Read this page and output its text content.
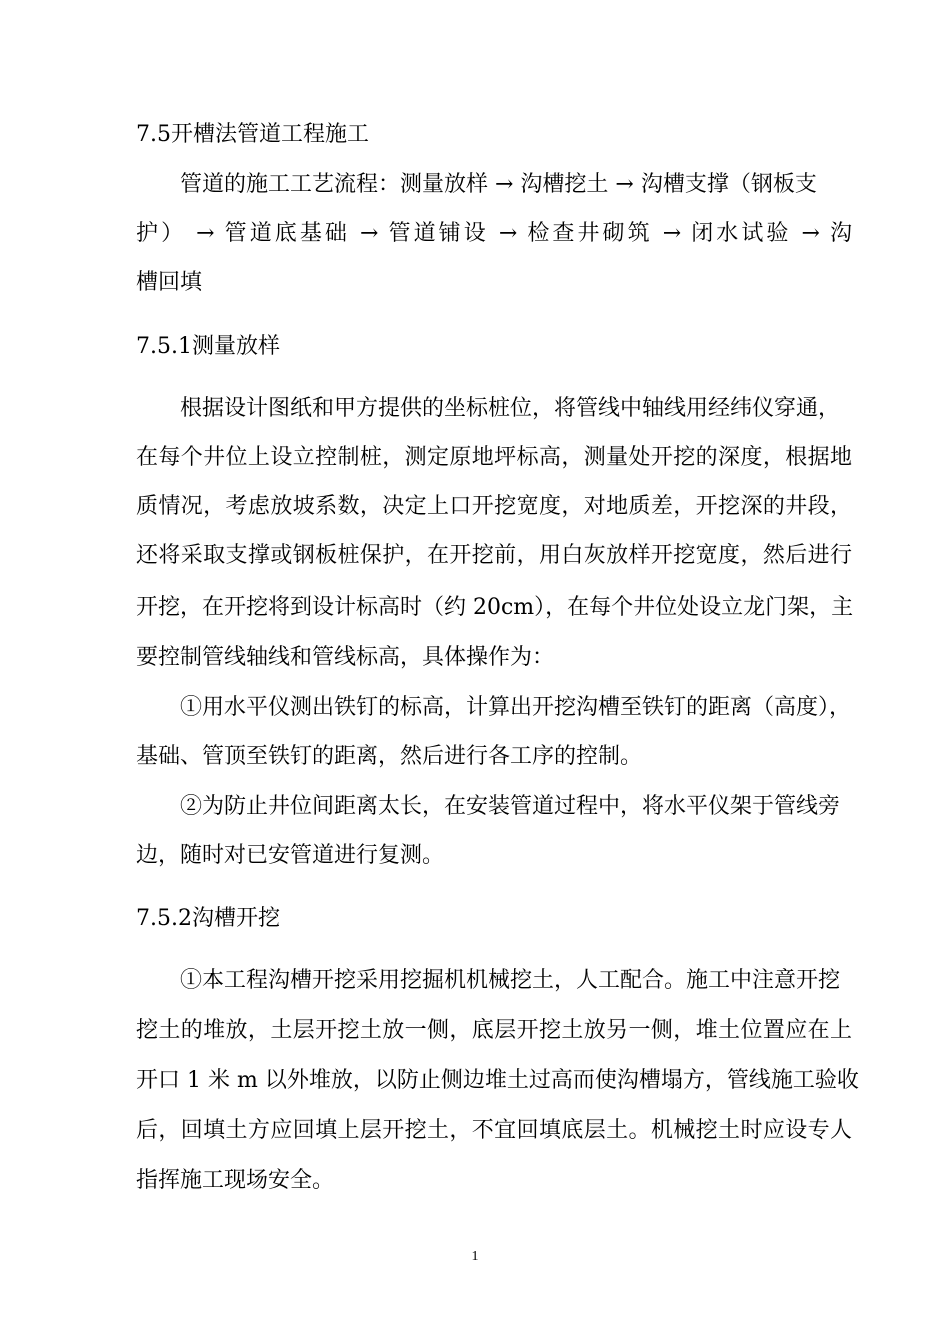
7.5开槽法管道工程施工

管道的施工工艺流程：测量放样 → 沟槽挖土 → 沟槽支撑（钢板支

护） → 管道底基础 → 管道铺设 → 检查井砌筑 → 闭水试验 → 沟

槽回填

7.5.1测量放样

根据设计图纸和甲方提供的坐标桩位，将管线中轴线用经纬仪穿通，

在每个井位上设立控制桩，测定原地坪标高，测量处开挖的深度，根据地

质情况，考虑放坡系数，决定上口开挖宽度，对地质差，开挖深的井段，

还将采取支撑或钢板桩保护，在开挖前，用白灰放样开挖宽度，然后进行

开挖，在开挖将到设计标高时（约 20cm），在每个井位处设立龙门架，主

要控制管线轴线和管线标高，具体操作为：

①用水平仪测出铁钉的标高，计算出开挖沟槽至铁钉的距离（高度），

基础、管顶至铁钉的距离，然后进行各工序的控制。

②为防止井位间距离太长，在安装管道过程中，将水平仪架于管线旁

边，随时对已安管道进行复测。

7.5.2沟槽开挖

①本工程沟槽开挖采用挖掘机机械挖土，人工配合。施工中注意开挖

挖土的堆放，土层开挖土放一侧，底层开挖土放另一侧，堆土位置应在上

开口 1 米 m 以外堆放，以防止侧边堆土过高而使沟槽塌方，管线施工验收

后，回填土方应回填上层开挖土，不宜回填底层土。机械挖土时应设专人

指挥施工现场安全。

1
